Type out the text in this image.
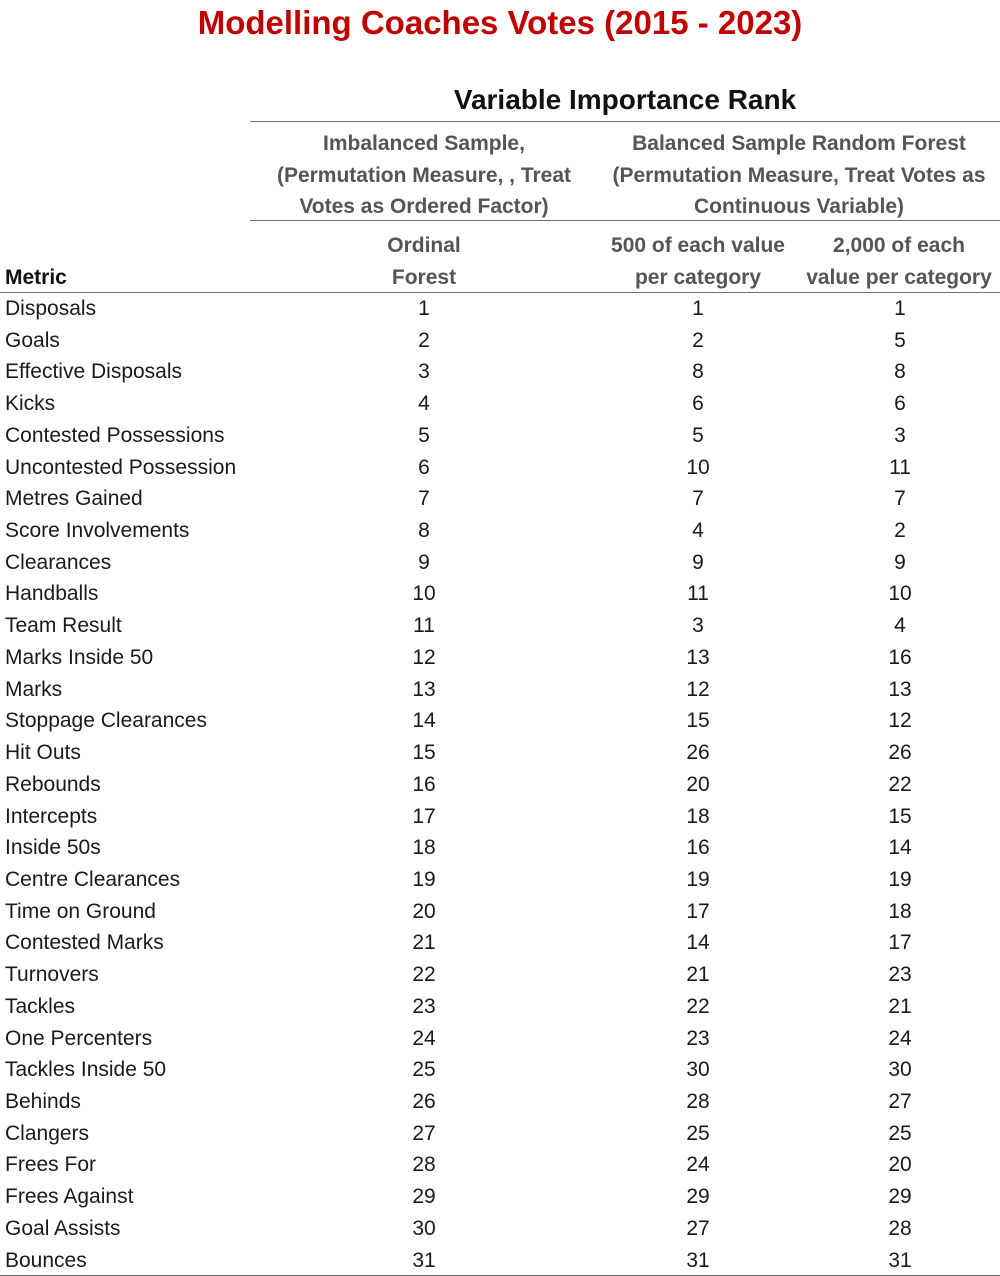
Modelling Coaches Votes (2015 - 2023)
Variable Importance Rank
Imbalanced Sample,
(Permutation Measure, , Treat
Votes as Ordered Factor)
Balanced Sample Random Forest
(Permutation Measure, Treat Votes as
Continuous Variable)
Metric
Ordinal
Forest
500 of each value
per category
2,000 of each
value per category
Disposals	1	1	1
Goals	2	2	5
Effective Disposals	3	8	8
Kicks	4	6	6
Contested Possessions	5	5	3
Uncontested Possession	6	10	11
Metres Gained	7	7	7
Score Involvements	8	4	2
Clearances	9	9	9
Handballs	10	11	10
Team Result	11	3	4
Marks Inside 50	12	13	16
Marks	13	12	13
Stoppage Clearances	14	15	12
Hit Outs	15	26	26
Rebounds	16	20	22
Intercepts	17	18	15
Inside 50s	18	16	14
Centre Clearances	19	19	19
Time on Ground	20	17	18
Contested Marks	21	14	17
Turnovers	22	21	23
Tackles	23	22	21
One Percenters	24	23	24
Tackles Inside 50	25	30	30
Behinds	26	28	27
Clangers	27	25	25
Frees For	28	24	20
Frees Against	29	29	29
Goal Assists	30	27	28
Bounces	31	31	31
